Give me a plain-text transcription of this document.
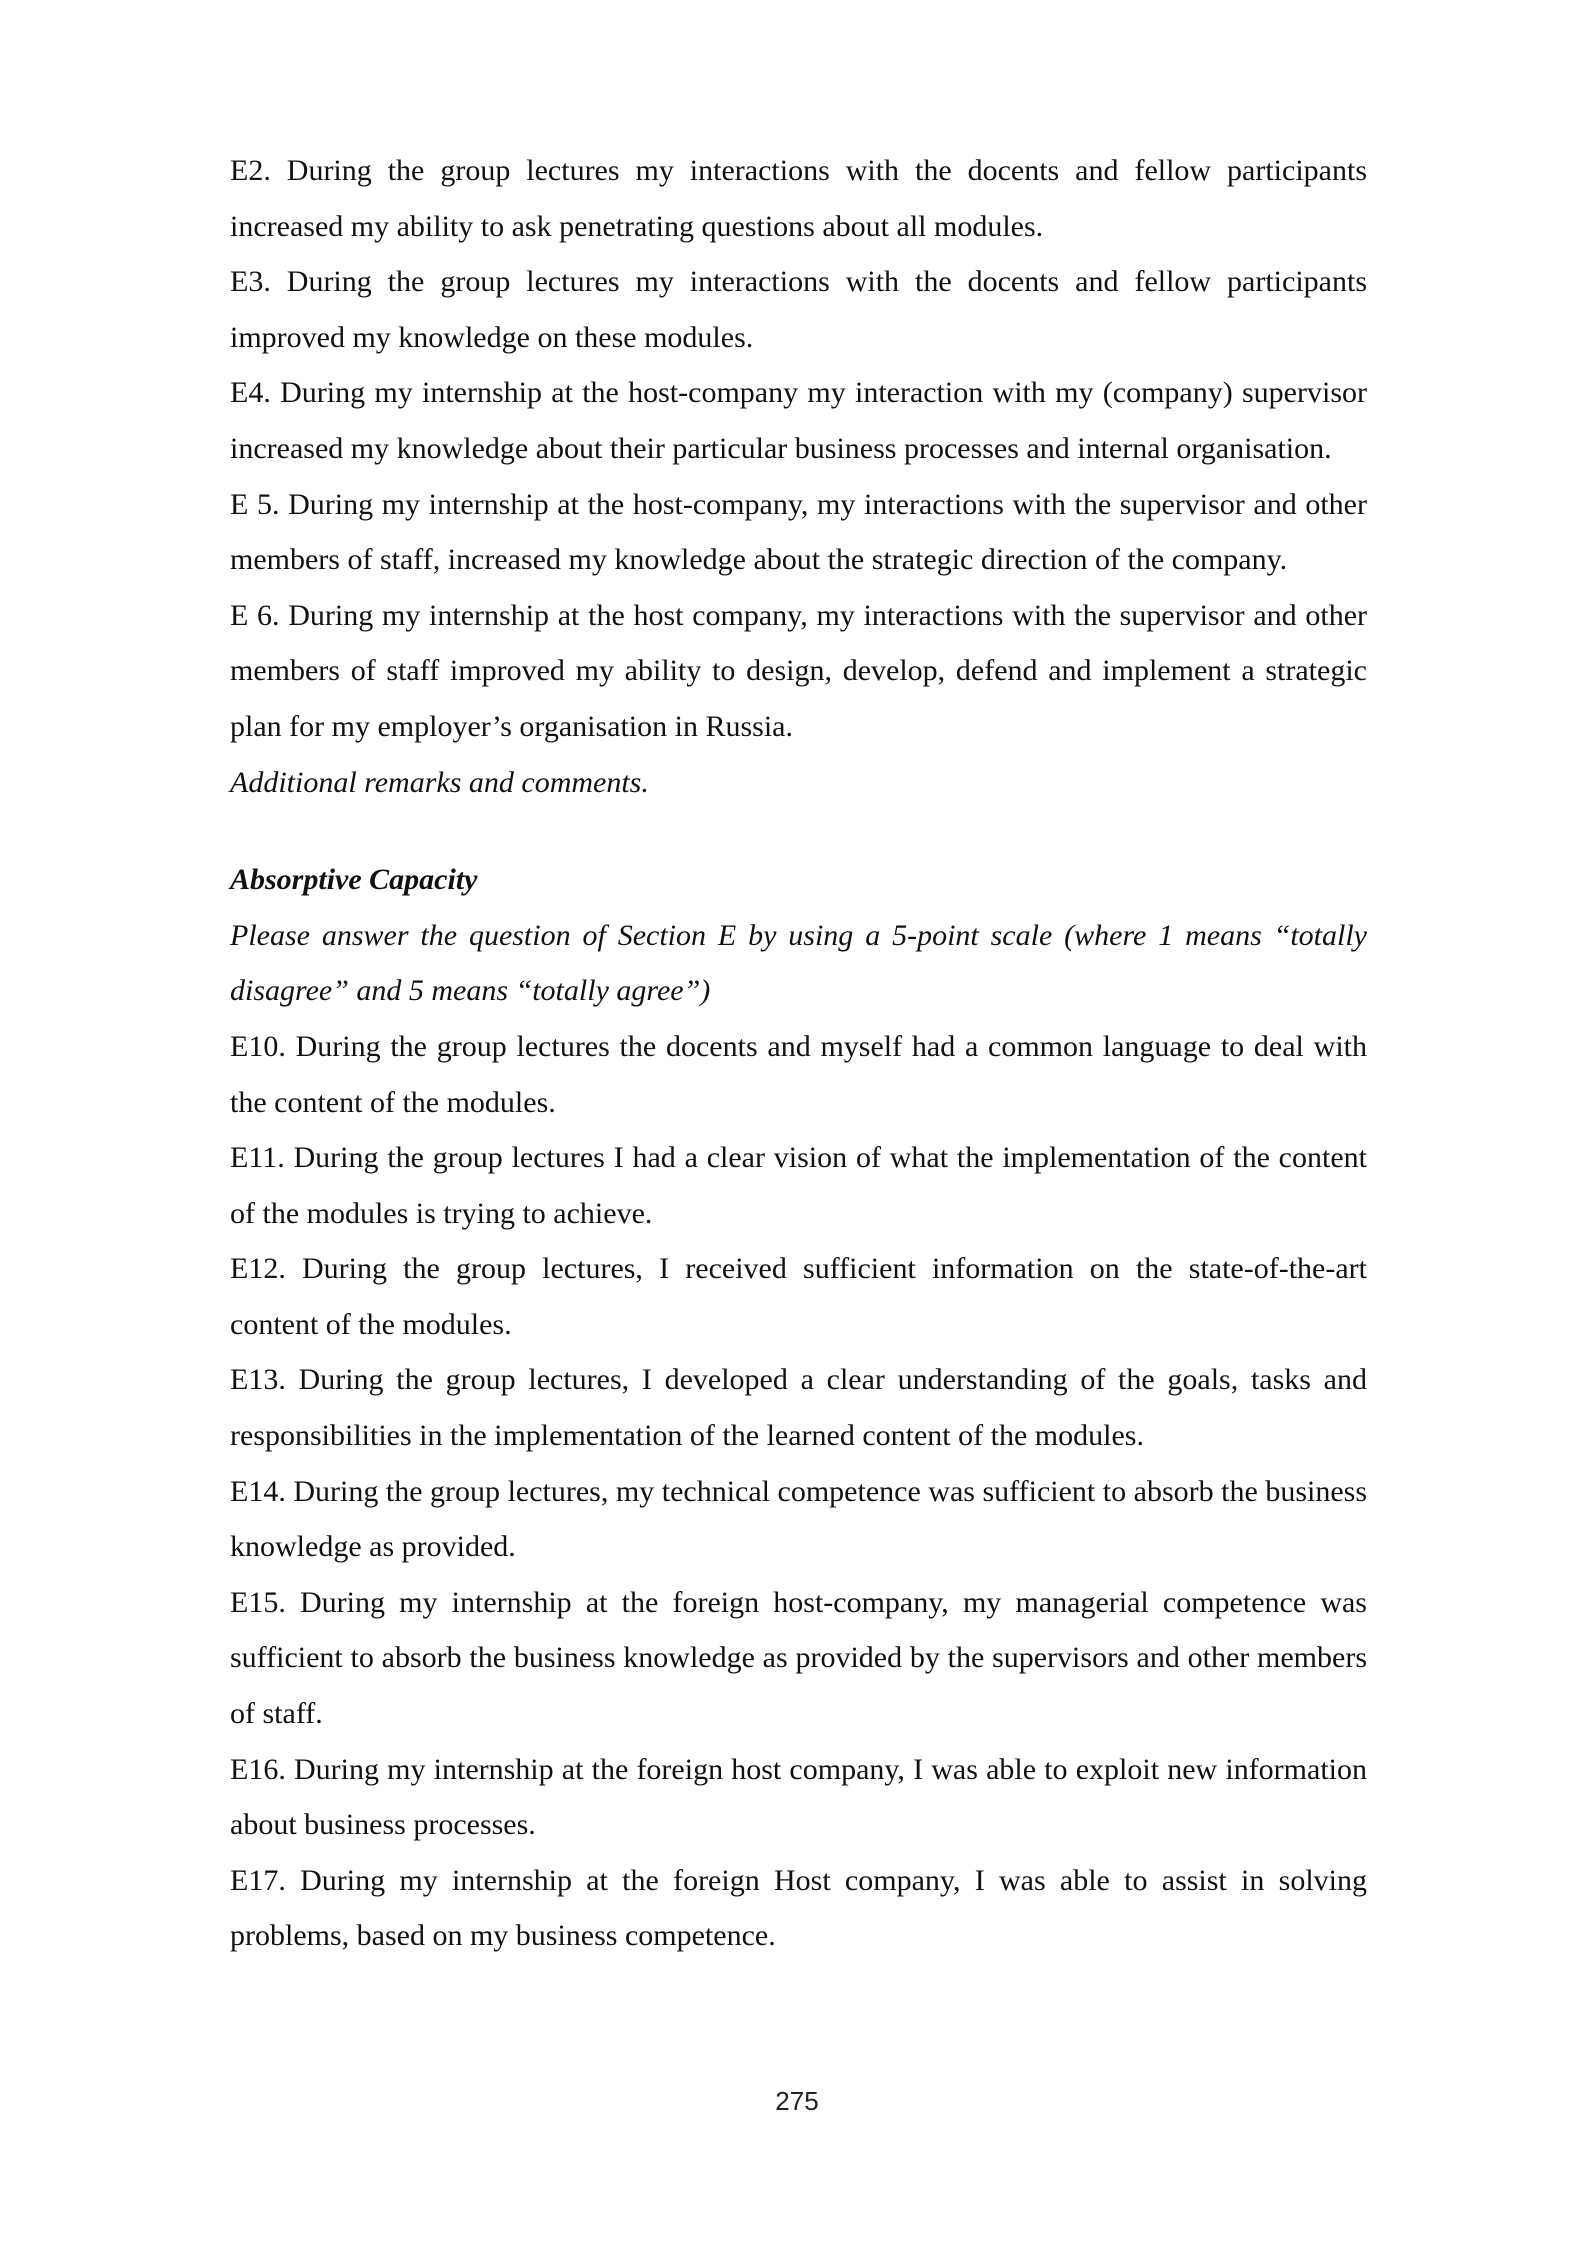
E2. During the group lectures my interactions with the docents and fellow participants increased my ability to ask penetrating questions about all modules.

E3. During the group lectures my interactions with the docents and fellow participants improved my knowledge on these modules.

E4. During my internship at the host-company my interaction with my (company) supervisor increased my knowledge about their particular business processes and internal organisation.

E 5. During my internship at the host-company, my interactions with the supervisor and other members of staff, increased my knowledge about the strategic direction of the company.

E 6. During my internship at the host company, my interactions with the supervisor and other members of staff improved my ability to design, develop, defend and implement a strategic plan for my employer’s organisation in Russia.

Additional remarks and comments.

Absorptive Capacity

Please answer the question of Section E by using a 5-point scale (where 1 means “totally disagree” and 5 means “totally agree”)

E10. During the group lectures the docents and myself had a common language to deal with the content of the modules.

E11. During the group lectures I had a clear vision of what the implementation of the content of the modules is trying to achieve.

E12. During the group lectures, I received sufficient information on the state-of-the-art content of the modules.

E13. During the group lectures, I developed a clear understanding of the goals, tasks and responsibilities in the implementation of the learned content of the modules.

E14. During the group lectures, my technical competence was sufficient to absorb the business knowledge as provided.

E15. During my internship at the foreign host-company, my managerial competence was sufficient to absorb the business knowledge as provided by the supervisors and other members of staff.

E16. During my internship at the foreign host company, I was able to exploit new information about business processes.

E17. During my internship at the foreign Host company, I was able to assist in solving problems, based on my business competence.

275
